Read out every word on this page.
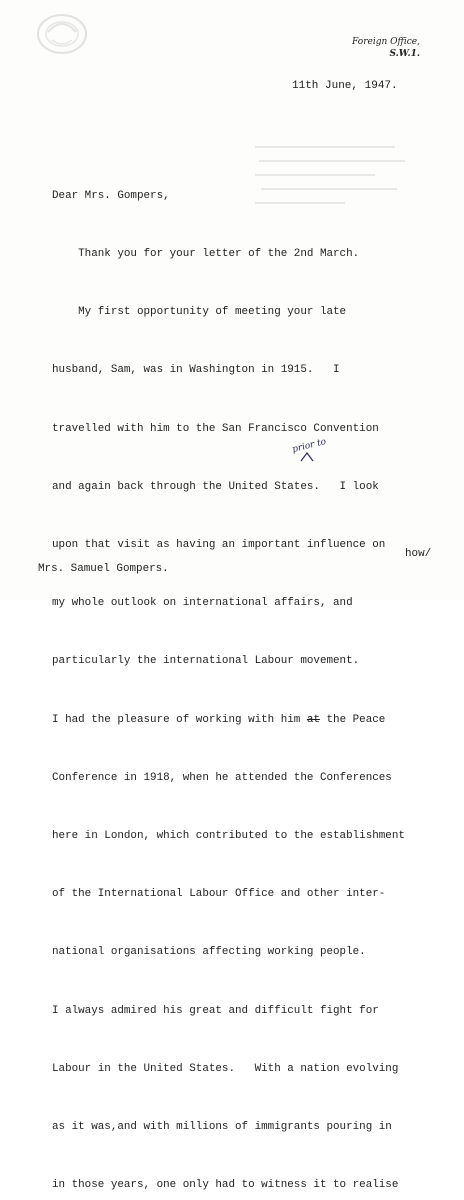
Foreign Office,
S.W.1.
11th June, 1947.

Dear Mrs. Gompers,

Thank you for your letter of the 2nd March.

My first opportunity of meeting your late

husband, Sam, was in Washington in 1915.   I

travelled with him to the San Francisco Convention

and again back through the United States.   I look

upon that visit as having an important influence on

my whole outlook on international affairs, and

particularly the international Labour movement.

I had the pleasure of working with him at the Peace

Conference in 1918, when he attended the Conferences

here in London, which contributed to the establishment

of the International Labour Office and other inter-

national organisations affecting working people.

I always admired his great and difficult fight for

Labour in the United States.   With a nation evolving

as it was,and with millions of immigrants pouring in

in those years, one only had to witness it to realise

prior to
how/
Mrs. Samuel Gompers.
